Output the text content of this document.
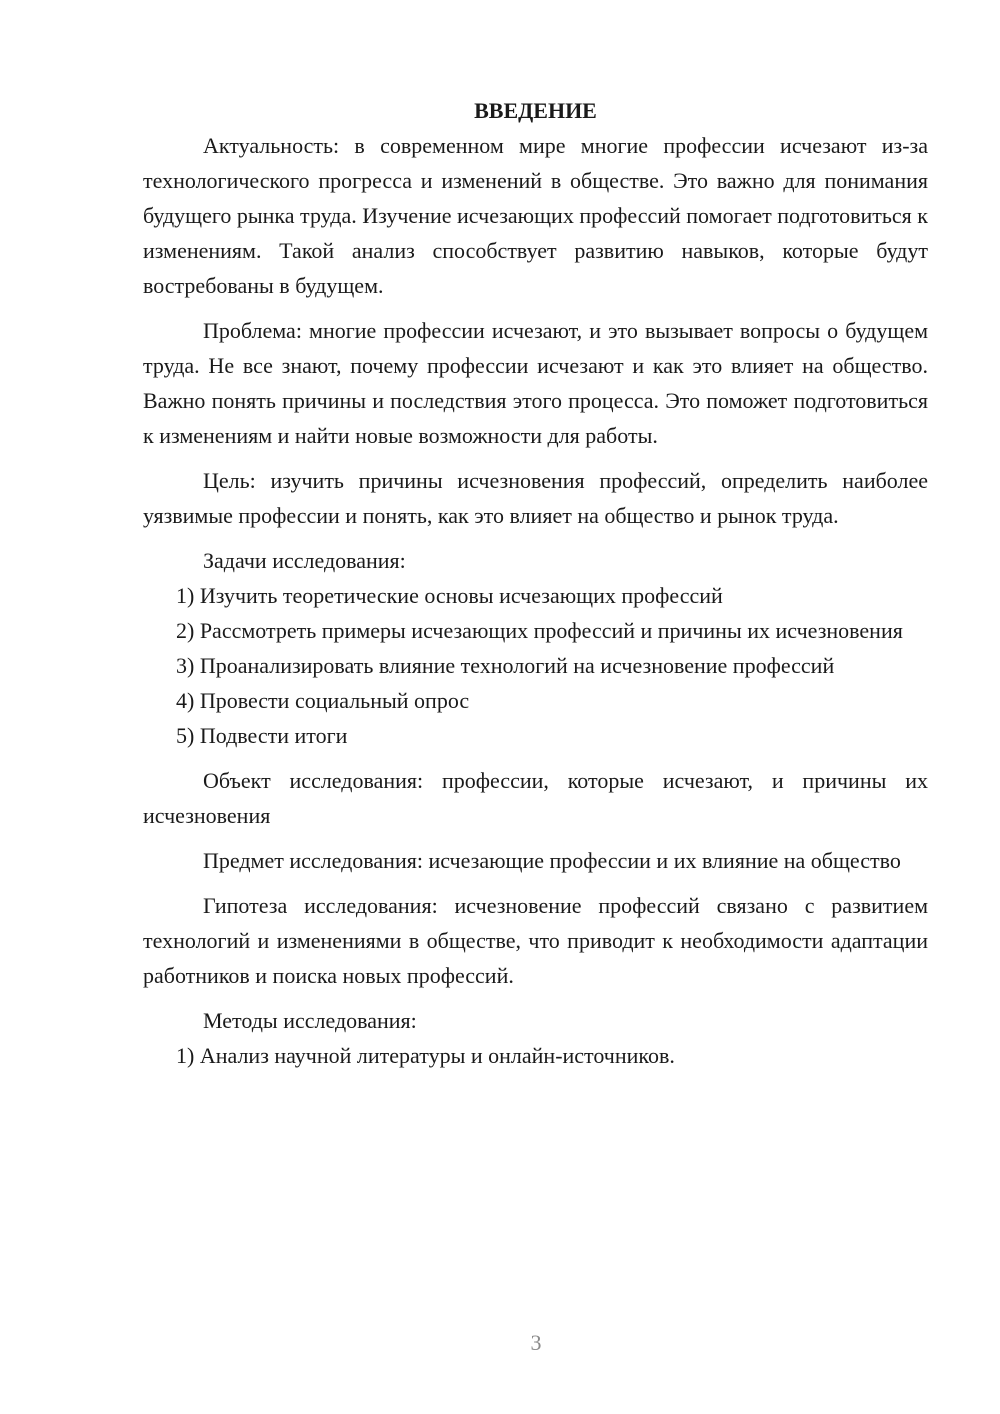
ВВЕДЕНИЕ

Актуальность: в современном мире многие профессии исчезают из-за технологического прогресса и изменений в обществе. Это важно для понимания будущего рынка труда. Изучение исчезающих профессий помогает подготовиться к изменениям. Такой анализ способствует развитию навыков, которые будут востребованы в будущем.

Проблема: многие профессии исчезают, и это вызывает вопросы о будущем труда. Не все знают, почему профессии исчезают и как это влияет на общество. Важно понять причины и последствия этого процесса. Это поможет подготовиться к изменениям и найти новые возможности для работы.

Цель: изучить причины исчезновения профессий, определить наиболее уязвимые профессии и понять, как это влияет на общество и рынок труда.

Задачи исследования:

1) Изучить теоретические основы исчезающих профессий

2) Рассмотреть примеры исчезающих профессий и причины их исчезновения

3) Проанализировать влияние технологий на исчезновение профессий

4) Провести социальный опрос

5) Подвести итоги

Объект исследования: профессии, которые исчезают, и причины их исчезновения

Предмет исследования: исчезающие профессии и их влияние на общество

Гипотеза исследования: исчезновение профессий связано с развитием технологий и изменениями в обществе, что приводит к необходимости адаптации работников и поиска новых профессий.

Методы исследования:

1) Анализ научной литературы и онлайн-источников.

3
